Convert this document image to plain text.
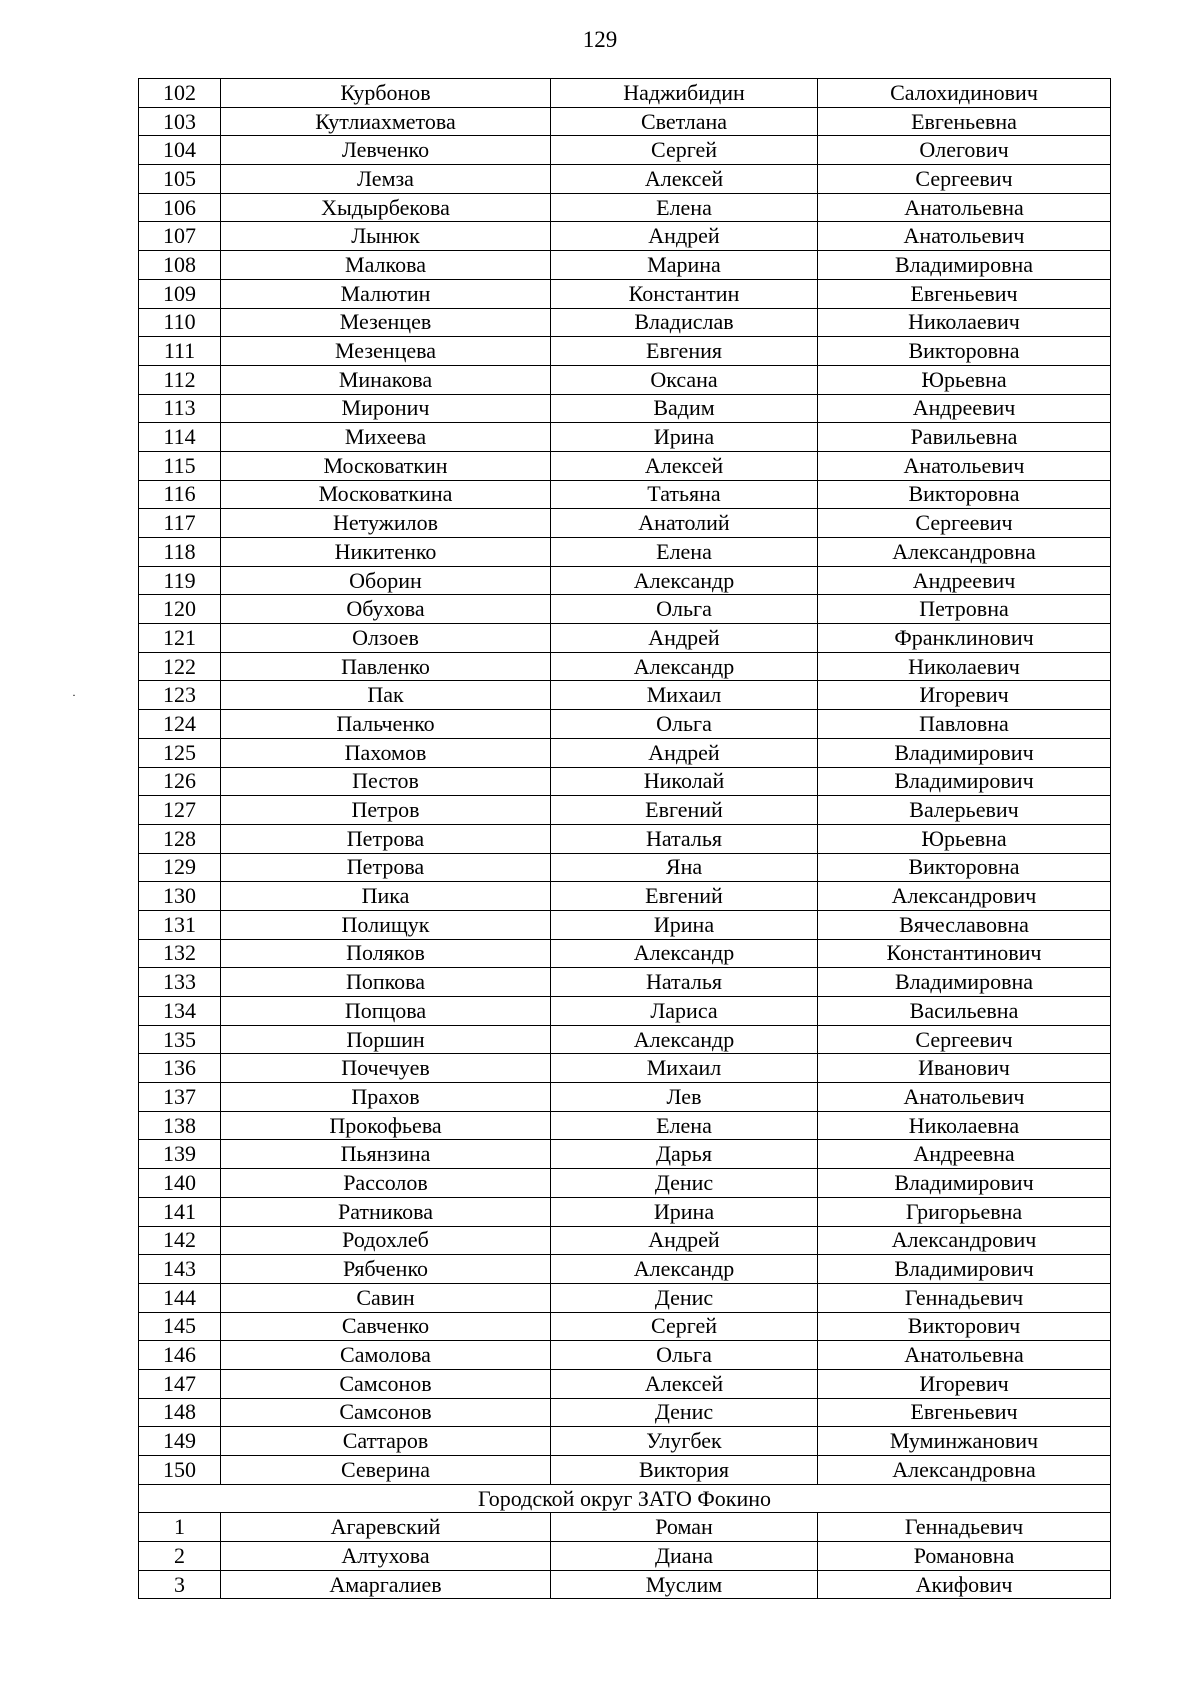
129
·
102	Курбонов	Наджибидин	Салохидинович
103	Кутлиахметова	Светлана	Евгеньевна
104	Левченко	Сергей	Олегович
105	Лемза	Алексей	Сергеевич
106	Хыдырбекова	Елена	Анатольевна
107	Лынюк	Андрей	Анатольевич
108	Малкова	Марина	Владимировна
109	Малютин	Константин	Евгеньевич
110	Мезенцев	Владислав	Николаевич
111	Мезенцева	Евгения	Викторовна
112	Минакова	Оксана	Юрьевна
113	Миронич	Вадим	Андреевич
114	Михеева	Ирина	Равильевна
115	Московаткин	Алексей	Анатольевич
116	Московаткина	Татьяна	Викторовна
117	Нетужилов	Анатолий	Сергеевич
118	Никитенко	Елена	Александровна
119	Оборин	Александр	Андреевич
120	Обухова	Ольга	Петровна
121	Олзоев	Андрей	Франклинович
122	Павленко	Александр	Николаевич
123	Пак	Михаил	Игоревич
124	Пальченко	Ольга	Павловна
125	Пахомов	Андрей	Владимирович
126	Пестов	Николай	Владимирович
127	Петров	Евгений	Валерьевич
128	Петрова	Наталья	Юрьевна
129	Петрова	Яна	Викторовна
130	Пика	Евгений	Александрович
131	Полищук	Ирина	Вячеславовна
132	Поляков	Александр	Константинович
133	Попкова	Наталья	Владимировна
134	Попцова	Лариса	Васильевна
135	Поршин	Александр	Сергеевич
136	Почечуев	Михаил	Иванович
137	Прахов	Лев	Анатольевич
138	Прокофьева	Елена	Николаевна
139	Пьянзина	Дарья	Андреевна
140	Рассолов	Денис	Владимирович
141	Ратникова	Ирина	Григорьевна
142	Родохлеб	Андрей	Александрович
143	Рябченко	Александр	Владимирович
144	Савин	Денис	Геннадьевич
145	Савченко	Сергей	Викторович
146	Самолова	Ольга	Анатольевна
147	Самсонов	Алексей	Игоревич
148	Самсонов	Денис	Евгеньевич
149	Саттаров	Улугбек	Муминжанович
150	Северина	Виктория	Александровна
Городской округ ЗАТО Фокино			
1	Агаревский	Роман	Геннадьевич
2	Алтухова	Диана	Романовна
3	Амаргалиев	Муслим	Акифович
